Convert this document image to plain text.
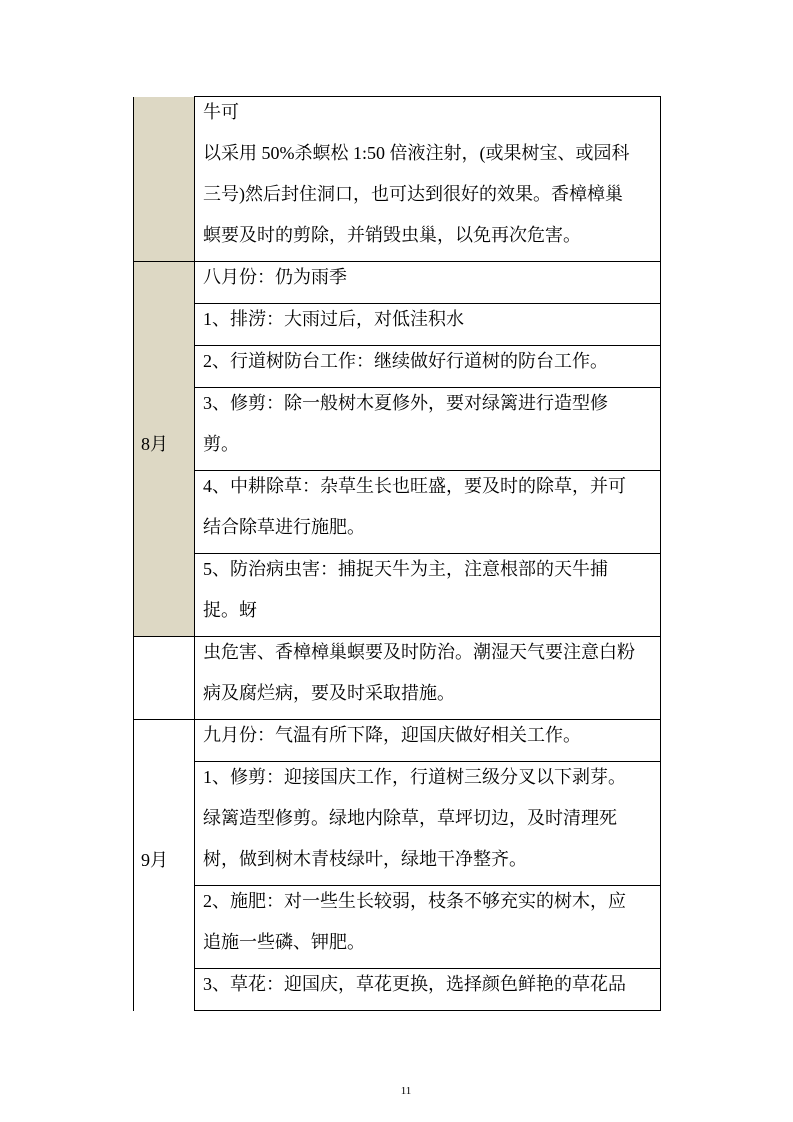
	牛可
以采用 50%杀螟松 1:50 倍液注射，(或果树宝、或园科
三号)然后封住洞口，也可达到很好的效果。香樟樟巢
螟要及时的剪除，并销毁虫巢，以免再次危害。

8月	八月份：仍为雨季

	1、排涝：大雨过后，对低洼积水

	2、行道树防台工作：继续做好行道树的防台工作。

	3、修剪：除一般树木夏修外，要对绿篱进行造型修
剪。

	4、中耕除草：杂草生长也旺盛，要及时的除草，并可
结合除草进行施肥。

	5、防治病虫害：捕捉天牛为主，注意根部的天牛捕
捉。蚜

	虫危害、香樟樟巢螟要及时防治。潮湿天气要注意白粉
病及腐烂病，要及时采取措施。

9月	九月份：气温有所下降，迎国庆做好相关工作。

	1、修剪：迎接国庆工作，行道树三级分叉以下剥芽。
绿篱造型修剪。绿地内除草，草坪切边，及时清理死
树，做到树木青枝绿叶，绿地干净整齐。

	2、施肥：对一些生长较弱，枝条不够充实的树木，应
追施一些磷、钾肥。

	3、草花：迎国庆，草花更换，选择颜色鲜艳的草花品
11
